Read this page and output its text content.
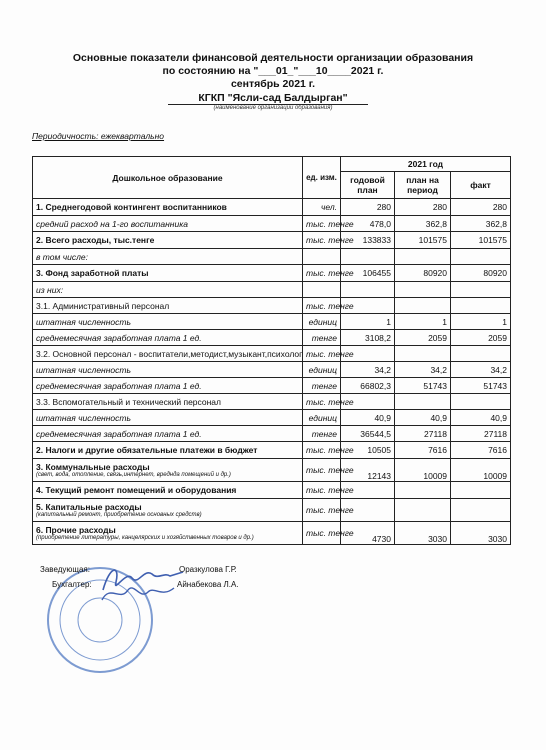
Основные показатели финансовой деятельности организации образования
по состоянию на "___01_"___10____2021 г.
сентябрь 2021 г.
КГКП "Ясли-сад Балдырган"
(наименование организации образования)
Периодичность: ежеквартально
Дошкольное образование	ед. изм.	2021 год		
		годовой план	план на период	факт
1. Среднегодовой контингент воспитанников	чел.	280	280	280
средний расход на 1-го воспитанника	тыс. тенге	478,0	362,8	362,8
2. Всего расходы, тыс.тенге	тыс. тенге	133833	101575	101575
в том числе:				
3. Фонд заработной платы	тыс. тенге	106455	80920	80920
из них:				
3.1. Административный персонал	тыс. тенге			
штатная численность	единиц	1	1	1
среднемесячная заработная плата 1 ед.	тенге	3108,2	2059	2059
3.2. Основной персонал - воспитатели,методист,музыкант,психолог	тыс. тенге			
штатная численность	единиц	34,2	34,2	34,2
среднемесячная заработная плата 1 ед.	тенге	66802,3	51743	51743
3.3. Вспомогательный и технический персонал	тыс. тенге			
штатная численность	единиц	40,9	40,9	40,9
среднемесячная заработная плата 1 ед.	тенге	36544,5	27118	27118
2. Налоги и другие обязательные платежи в бюджет	тыс. тенге	10505	7616	7616

3. Коммунальные расходы
(свет, вода, отопление, связь,интернет, вреднда помещений и др.)	тыс. тенге	12143	10009	10009
4. Текущий ремонт помещений и оборудования	тыс. тенге			

5. Капитальные расходы
(капитальный ремонт, приобретение основных средств)	тыс. тенге			

6. Прочие расходы
(приобретение литературы, канцелярских и хозяйственных товаров и др.)	тыс. тенге	4730	3030	3030
Заведующая:	Оразкулова Г.Р.
Бухгалтер:	Айнабекова Л.А.
